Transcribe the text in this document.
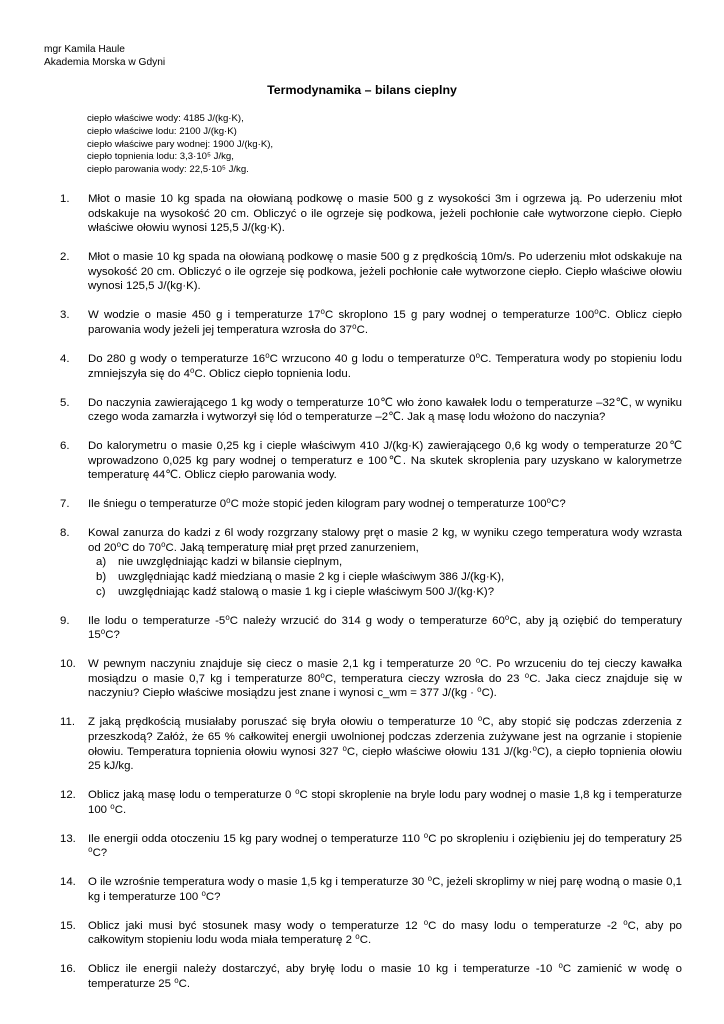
mgr Kamila Haule
Akademia Morska w Gdyni
Termodynamika – bilans cieplny
ciepło właściwe wody: 4185 J/(kg·K),
ciepło właściwe lodu: 2100 J/(kg·K)
ciepło właściwe pary wodnej: 1900 J/(kg·K),
ciepło topnienia lodu: 3,3·10⁵ J/kg,
ciepło parowania wody: 22,5·10⁵ J/kg.
1.	Młot o masie 10 kg spada na ołowianą podkowę o masie 500 g z wysokości 3m i ogrzewa ją. Po uderzeniu młot odskakuje na wysokość 20 cm. Obliczyć o ile ogrzeje się podkowa, jeżeli pochłonie całe wytworzone ciepło. Ciepło właściwe ołowiu wynosi 125,5 J/(kg·K).
2.	Młot o masie 10 kg spada na ołowianą podkowę o masie 500 g z prędkością 10m/s. Po uderzeniu młot odskakuje na wysokość 20 cm. Obliczyć o ile ogrzeje się podkowa, jeżeli pochłonie całe wytworzone ciepło. Ciepło właściwe ołowiu wynosi 125,5 J/(kg·K).
3.	W wodzie o masie 450 g i temperaturze 17⁰C skroplono 15 g pary wodnej o temperaturze 100⁰C. Oblicz ciepło parowania wody jeżeli jej temperatura wzrosła do 37⁰C.
4.	Do 280 g wody o temperaturze 16⁰C wrzucono 40 g lodu o temperaturze 0⁰C. Temperatura wody po stopieniu lodu zmniejszyła się do 4⁰C. Oblicz ciepło topnienia lodu.
5.	Do naczynia zawierającego 1 kg wody o temperaturze 10℃ wło żono kawałek lodu o temperaturze –32℃, w wyniku czego woda zamarzła i wytworzył się lód o temperaturze –2℃. Jak ą masę lodu włożono do naczynia?
6.	Do kalorymetru o masie 0,25 kg i cieple właściwym 410 J/(kg·K) zawierającego 0,6 kg wody o temperaturze 20℃ wprowadzono 0,025 kg pary wodnej o temperaturz e 100℃. Na skutek skroplenia pary uzyskano w kalorymetrze temperaturę 44℃. Oblicz ciepło parowania wody.
7.	Ile śniegu o temperaturze 0⁰C może stopić jeden kilogram pary wodnej o temperaturze 100⁰C?
8.	Kowal zanurza do kadzi z 6l wody rozgrzany stalowy pręt o masie 2 kg, w wyniku czego temperatura wody wzrasta od 20⁰C do 70⁰C. Jaką temperaturę miał pręt przed zanurzeniem,
a) nie uwzględniając kadzi w bilansie cieplnym,
b) uwzględniając kadź miedzianą o masie 2 kg i cieple właściwym 386 J/(kg·K),
c) uwzględniając kadź stalową o masie 1 kg i cieple właściwym 500 J/(kg·K)?
9.	Ile lodu o temperaturze -5⁰C należy wrzucić do 314 g wody o temperaturze 60⁰C, aby ją oziębić do temperatury 15⁰C?
10.	W pewnym naczyniu znajduje się ciecz o masie 2,1 kg i temperaturze 20 ⁰C. Po wrzuceniu do tej cieczy kawałka mosiądzu o masie 0,7 kg i temperaturze 80⁰C, temperatura cieczy wzrosła do 23 ⁰C. Jaka ciecz znajduje się w naczyniu? Ciepło właściwe mosiądzu jest znane i wynosi c_wm = 377 J/(kg · ⁰C).
11.	Z jaką prędkością musiałaby poruszać się bryła ołowiu o temperaturze 10 ⁰C, aby stopić się podczas zderzenia z przeszkodą? Załóż, że 65 % całkowitej energii uwolnionej podczas zderzenia zużywane jest na ogrzanie i stopienie ołowiu. Temperatura topnienia ołowiu wynosi 327 ⁰C, ciepło właściwe ołowiu 131 J/(kg·⁰C), a ciepło topnienia ołowiu 25 kJ/kg.
12.	Oblicz jaką masę lodu o temperaturze 0 ⁰C stopi skroplenie na bryle lodu pary wodnej o masie 1,8 kg i temperaturze 100 ⁰C.
13.	Ile energii odda otoczeniu 15 kg pary wodnej o temperaturze 110 ⁰C po skropleniu i oziębieniu jej do temperatury 25 ⁰C?
14.	O ile wzrośnie temperatura wody o masie 1,5 kg i temperaturze 30 ⁰C, jeżeli skroplimy w niej parę wodną o masie 0,1 kg i temperaturze 100 ⁰C?
15.	Oblicz jaki musi być stosunek masy wody o temperaturze 12 ⁰C do masy lodu o temperaturze -2 ⁰C, aby po całkowitym stopieniu lodu woda miała temperaturę 2 ⁰C.
16.	Oblicz ile energii należy dostarczyć, aby bryłę lodu o masie 10 kg i temperaturze -10 ⁰C zamienić w wodę o temperaturze 25 ⁰C.
